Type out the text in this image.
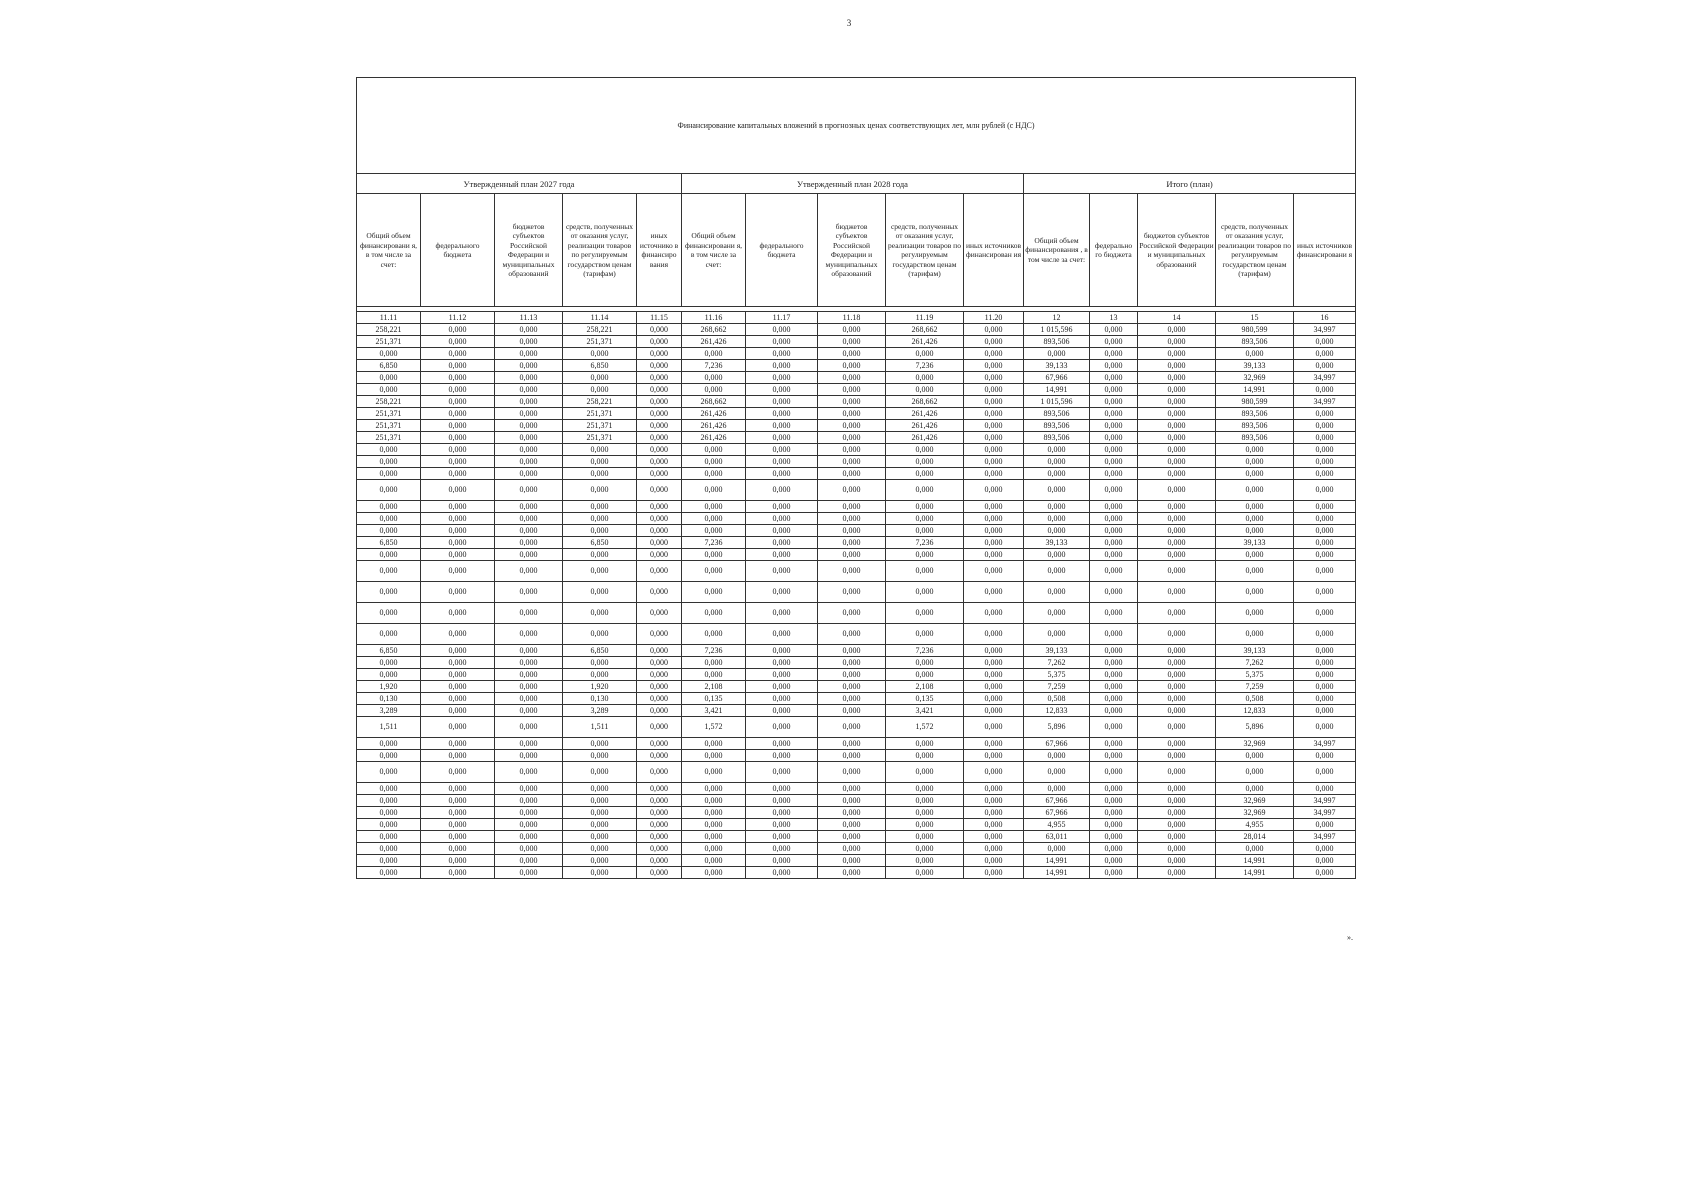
3
Финансирование капитальных вложений в прогнозных ценах соответствующих лет, млн рублей (с НДС)														
Утвержденный план 2027 года					Утвержденный план 2028 года					Итого (план)				
Общий объем финансировани я, в том числе за счет:	федерального бюджета	бюджетов субъектов Российской Федерации и муниципальных образований	средств, полученных от оказания услуг, реализации товаров по регулируемым государством ценам (тарифам)	иных источнико в финансиро вания	Общий объем финансировани я, в том числе за счет:	федерального бюджета	бюджетов субъектов Российской Федерации и муниципальных образований	средств, полученных от оказания услуг, реализации товаров по регулируемым государством ценам (тарифам)	иных источников финансирован ия	Общий объем финансирования , в том числе за счет:	федерально го бюджета	бюджетов субъектов Российской Федерации и муниципальных образований	средств, полученных от оказания услуг, реализации товаров по регулируемым государством ценам (тарифам)	иных источников финансировани я

11.11	11.12	11.13	11.14	11.15	11.16	11.17	11.18	11.19	11.20	12	13	14	15	16
258,221	0,000	0,000	258,221	0,000	268,662	0,000	0,000	268,662	0,000	1 015,596	0,000	0,000	980,599	34,997
251,371	0,000	0,000	251,371	0,000	261,426	0,000	0,000	261,426	0,000	893,506	0,000	0,000	893,506	0,000
0,000	0,000	0,000	0,000	0,000	0,000	0,000	0,000	0,000	0,000	0,000	0,000	0,000	0,000	0,000
6,850	0,000	0,000	6,850	0,000	7,236	0,000	0,000	7,236	0,000	39,133	0,000	0,000	39,133	0,000
0,000	0,000	0,000	0,000	0,000	0,000	0,000	0,000	0,000	0,000	67,966	0,000	0,000	32,969	34,997
0,000	0,000	0,000	0,000	0,000	0,000	0,000	0,000	0,000	0,000	14,991	0,000	0,000	14,991	0,000
258,221	0,000	0,000	258,221	0,000	268,662	0,000	0,000	268,662	0,000	1 015,596	0,000	0,000	980,599	34,997
251,371	0,000	0,000	251,371	0,000	261,426	0,000	0,000	261,426	0,000	893,506	0,000	0,000	893,506	0,000
251,371	0,000	0,000	251,371	0,000	261,426	0,000	0,000	261,426	0,000	893,506	0,000	0,000	893,506	0,000
251,371	0,000	0,000	251,371	0,000	261,426	0,000	0,000	261,426	0,000	893,506	0,000	0,000	893,506	0,000
0,000	0,000	0,000	0,000	0,000	0,000	0,000	0,000	0,000	0,000	0,000	0,000	0,000	0,000	0,000
0,000	0,000	0,000	0,000	0,000	0,000	0,000	0,000	0,000	0,000	0,000	0,000	0,000	0,000	0,000
0,000	0,000	0,000	0,000	0,000	0,000	0,000	0,000	0,000	0,000	0,000	0,000	0,000	0,000	0,000
0,000	0,000	0,000	0,000	0,000	0,000	0,000	0,000	0,000	0,000	0,000	0,000	0,000	0,000	0,000
0,000	0,000	0,000	0,000	0,000	0,000	0,000	0,000	0,000	0,000	0,000	0,000	0,000	0,000	0,000
0,000	0,000	0,000	0,000	0,000	0,000	0,000	0,000	0,000	0,000	0,000	0,000	0,000	0,000	0,000
0,000	0,000	0,000	0,000	0,000	0,000	0,000	0,000	0,000	0,000	0,000	0,000	0,000	0,000	0,000
6,850	0,000	0,000	6,850	0,000	7,236	0,000	0,000	7,236	0,000	39,133	0,000	0,000	39,133	0,000
0,000	0,000	0,000	0,000	0,000	0,000	0,000	0,000	0,000	0,000	0,000	0,000	0,000	0,000	0,000
0,000	0,000	0,000	0,000	0,000	0,000	0,000	0,000	0,000	0,000	0,000	0,000	0,000	0,000	0,000
0,000	0,000	0,000	0,000	0,000	0,000	0,000	0,000	0,000	0,000	0,000	0,000	0,000	0,000	0,000
0,000	0,000	0,000	0,000	0,000	0,000	0,000	0,000	0,000	0,000	0,000	0,000	0,000	0,000	0,000
0,000	0,000	0,000	0,000	0,000	0,000	0,000	0,000	0,000	0,000	0,000	0,000	0,000	0,000	0,000
6,850	0,000	0,000	6,850	0,000	7,236	0,000	0,000	7,236	0,000	39,133	0,000	0,000	39,133	0,000
0,000	0,000	0,000	0,000	0,000	0,000	0,000	0,000	0,000	0,000	7,262	0,000	0,000	7,262	0,000
0,000	0,000	0,000	0,000	0,000	0,000	0,000	0,000	0,000	0,000	5,375	0,000	0,000	5,375	0,000
1,920	0,000	0,000	1,920	0,000	2,108	0,000	0,000	2,108	0,000	7,259	0,000	0,000	7,259	0,000
0,130	0,000	0,000	0,130	0,000	0,135	0,000	0,000	0,135	0,000	0,508	0,000	0,000	0,508	0,000
3,289	0,000	0,000	3,289	0,000	3,421	0,000	0,000	3,421	0,000	12,833	0,000	0,000	12,833	0,000
1,511	0,000	0,000	1,511	0,000	1,572	0,000	0,000	1,572	0,000	5,896	0,000	0,000	5,896	0,000
0,000	0,000	0,000	0,000	0,000	0,000	0,000	0,000	0,000	0,000	67,966	0,000	0,000	32,969	34,997
0,000	0,000	0,000	0,000	0,000	0,000	0,000	0,000	0,000	0,000	0,000	0,000	0,000	0,000	0,000
0,000	0,000	0,000	0,000	0,000	0,000	0,000	0,000	0,000	0,000	0,000	0,000	0,000	0,000	0,000
0,000	0,000	0,000	0,000	0,000	0,000	0,000	0,000	0,000	0,000	0,000	0,000	0,000	0,000	0,000
0,000	0,000	0,000	0,000	0,000	0,000	0,000	0,000	0,000	0,000	67,966	0,000	0,000	32,969	34,997
0,000	0,000	0,000	0,000	0,000	0,000	0,000	0,000	0,000	0,000	67,966	0,000	0,000	32,969	34,997
0,000	0,000	0,000	0,000	0,000	0,000	0,000	0,000	0,000	0,000	4,955	0,000	0,000	4,955	0,000
0,000	0,000	0,000	0,000	0,000	0,000	0,000	0,000	0,000	0,000	63,011	0,000	0,000	28,014	34,997
0,000	0,000	0,000	0,000	0,000	0,000	0,000	0,000	0,000	0,000	0,000	0,000	0,000	0,000	0,000
0,000	0,000	0,000	0,000	0,000	0,000	0,000	0,000	0,000	0,000	14,991	0,000	0,000	14,991	0,000
0,000	0,000	0,000	0,000	0,000	0,000	0,000	0,000	0,000	0,000	14,991	0,000	0,000	14,991	0,000
».
